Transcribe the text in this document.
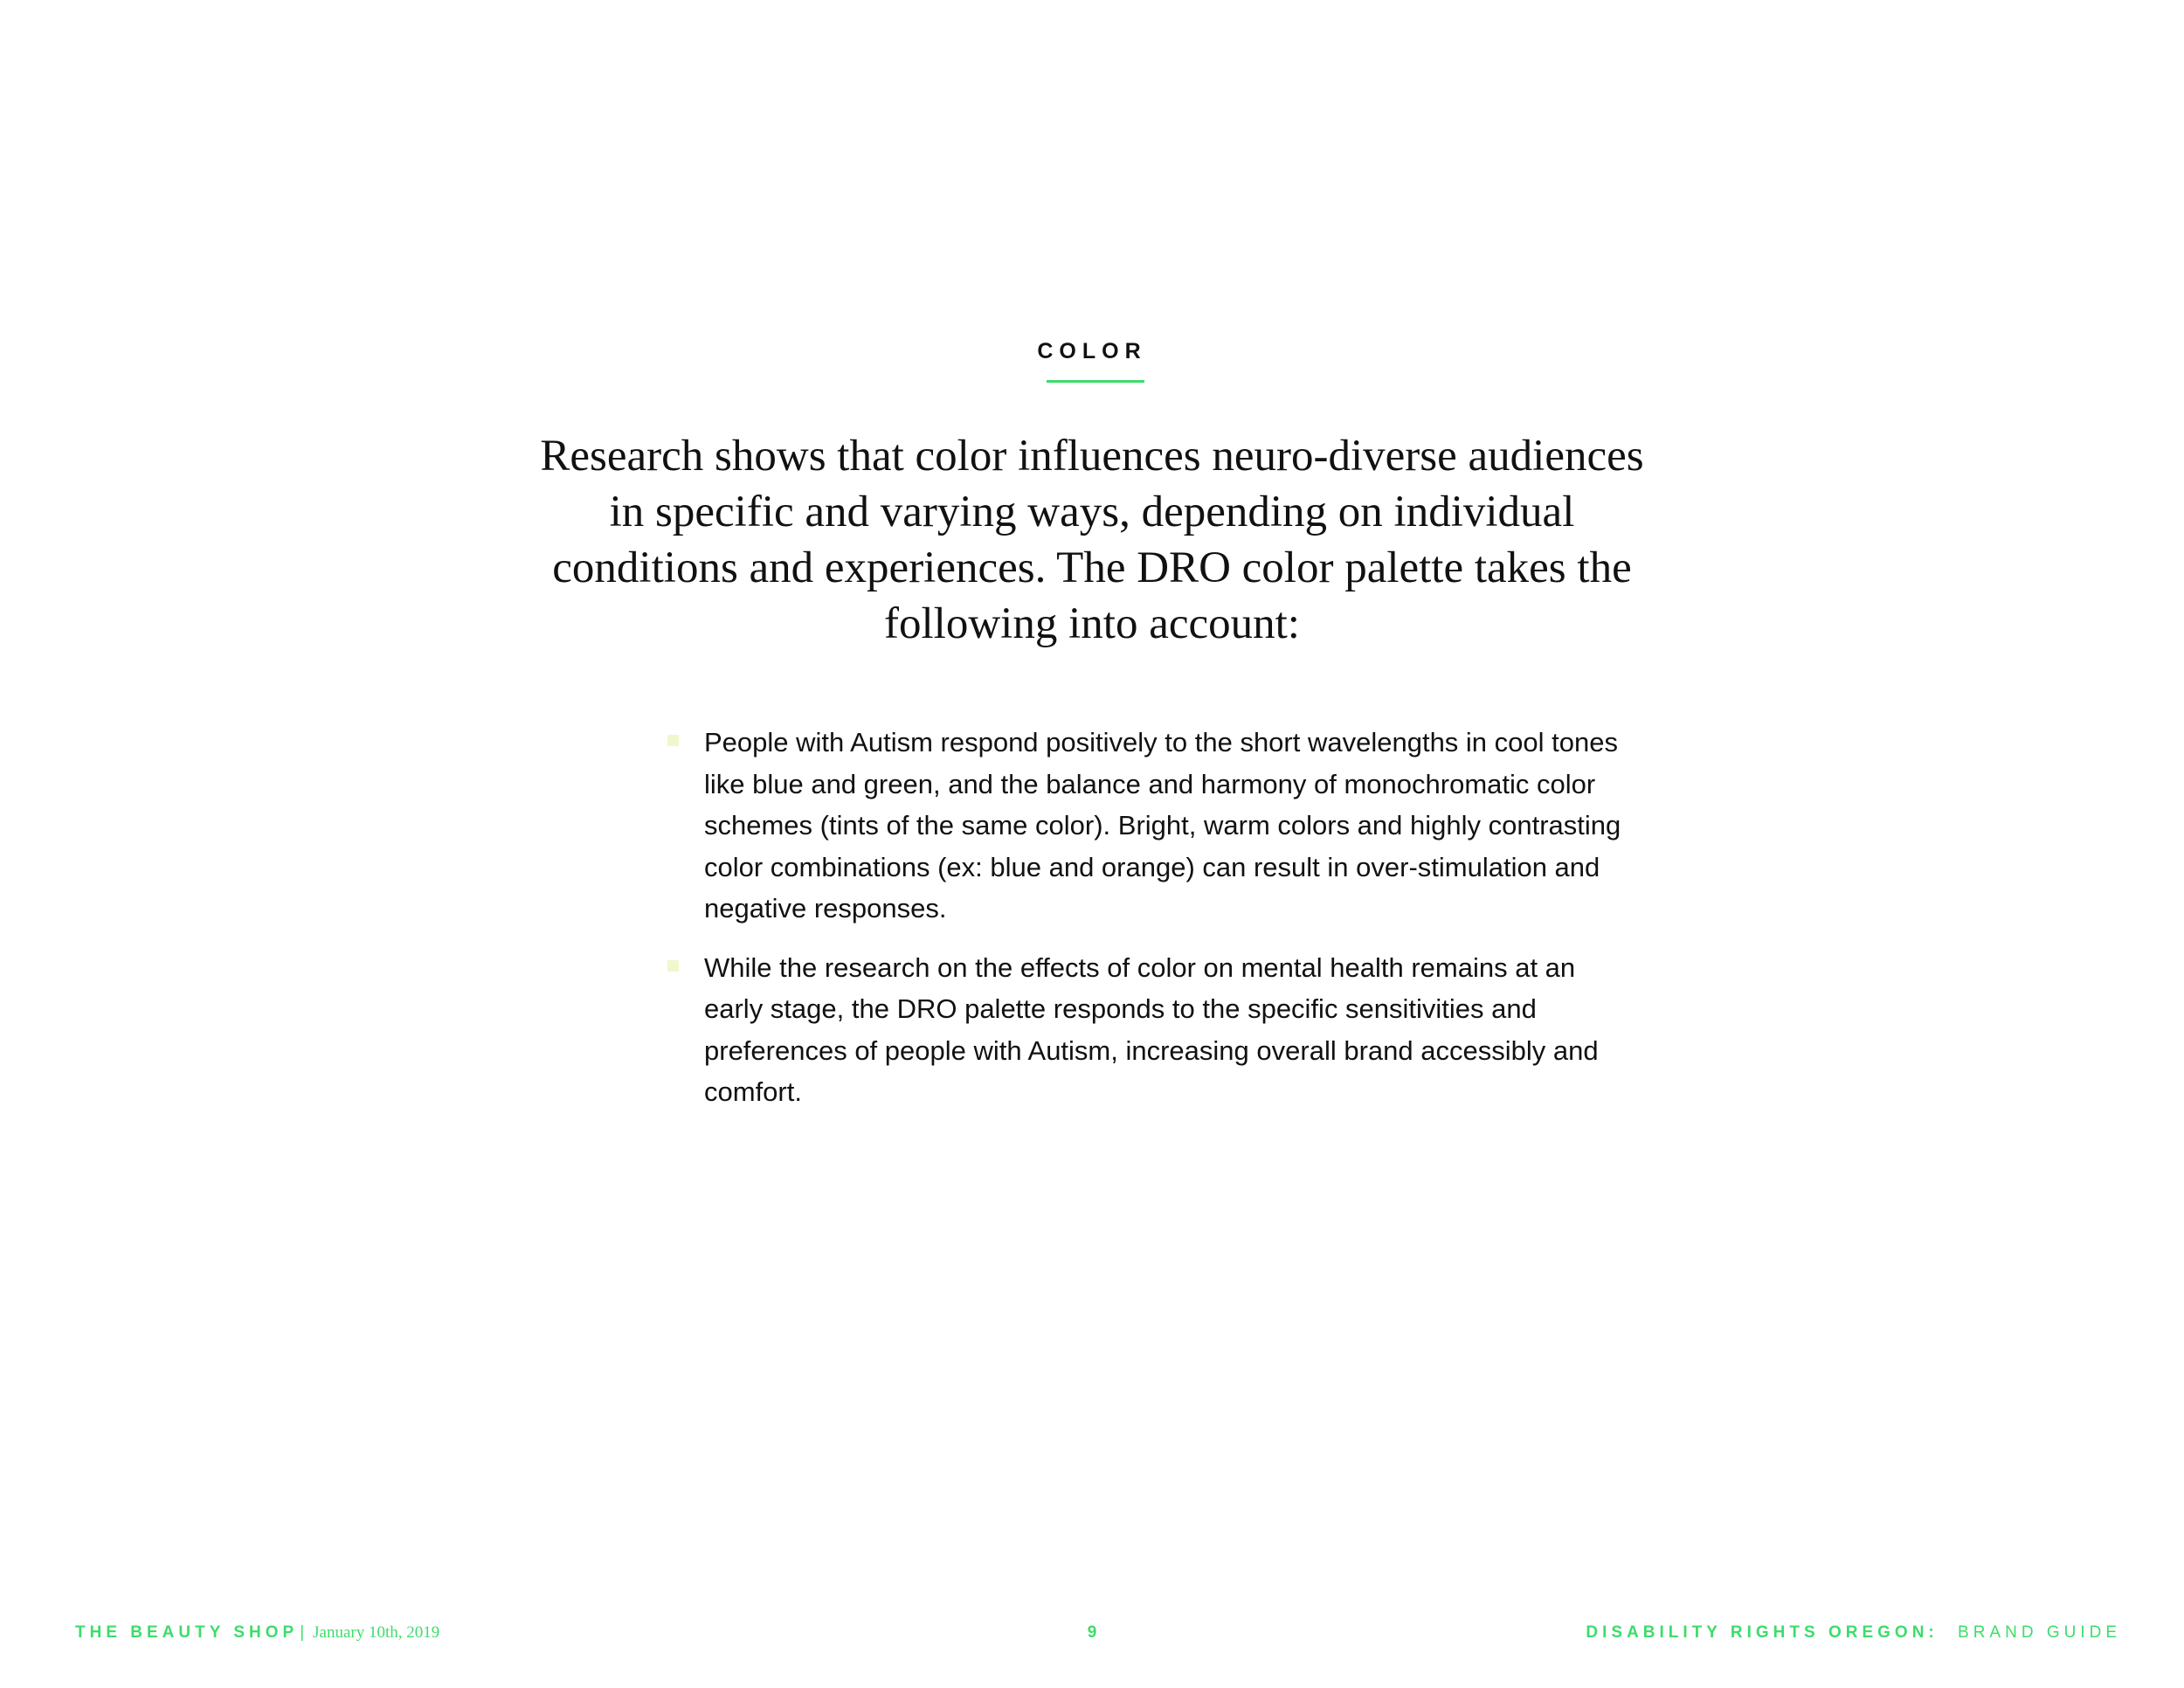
COLOR
Research shows that color influences neuro-diverse audiences in specific and varying ways, depending on individual conditions and experiences. The DRO color palette takes the following into account:
People with Autism respond positively to the short wavelengths in cool tones like blue and green, and the balance and harmony of monochromatic color schemes (tints of the same color). Bright, warm colors and highly contrasting color combinations (ex: blue and orange) can result in over-stimulation and negative responses.
While the research on the effects of color on mental health remains at an early stage, the DRO palette responds to the specific sensitivities and preferences of people with Autism, increasing overall brand accessibly and comfort.
THE BEAUTY SHOP | January 10th, 2019	9	DISABILITY RIGHTS OREGON: BRAND GUIDE
